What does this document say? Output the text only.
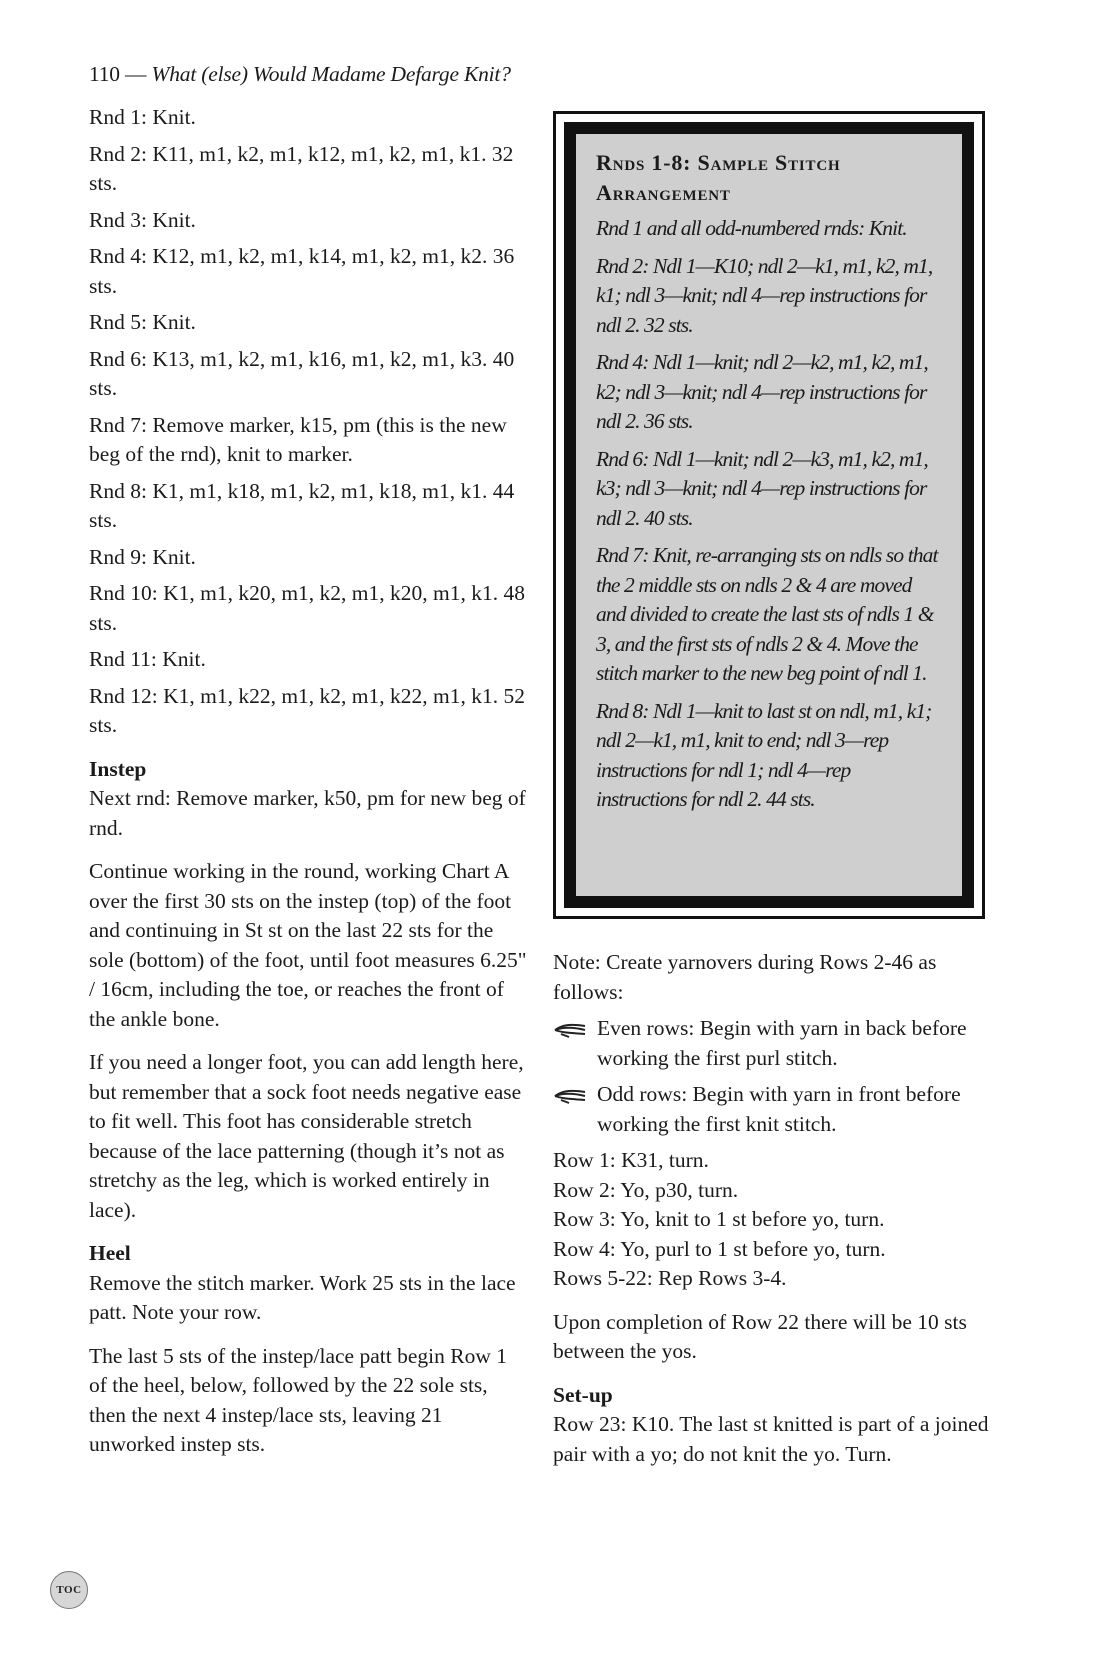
110 — What (else) Would Madame Defarge Knit?

Rnd 1: Knit.

Rnd 2: K11, m1, k2, m1, k12, m1, k2, m1, k1. 32 sts.

Rnd 3: Knit.

Rnd 4: K12, m1, k2, m1, k14, m1, k2, m1, k2. 36 sts.

Rnd 5: Knit.

Rnd 6: K13, m1, k2, m1, k16, m1, k2, m1, k3. 40 sts.

Rnd 7: Remove marker, k15, pm (this is the new beg of the rnd), knit to marker.

Rnd 8: K1, m1, k18, m1, k2, m1, k18, m1, k1. 44 sts.

Rnd 9: Knit.

Rnd 10: K1, m1, k20, m1, k2, m1, k20, m1, k1. 48 sts.

Rnd 11: Knit.

Rnd 12: K1, m1, k22, m1, k2, m1, k22, m1, k1. 52 sts.

Instep

Next rnd: Remove marker, k50, pm for new beg of rnd.

Continue working in the round, working Chart A over the first 30 sts on the instep (top) of the foot and continuing in St st on the last 22 sts for the sole (bottom) of the foot, until foot measures 6.25" / 16cm, including the toe, or reaches the front of the ankle bone.

If you need a longer foot, you can add length here, but remember that a sock foot needs negative ease to fit well. This foot has considerable stretch because of the lace patterning (though it’s not as stretchy as the leg, which is worked entirely in lace).

Heel

Remove the stitch marker. Work 25 sts in the lace patt. Note your row.

The last 5 sts of the instep/lace patt begin Row 1 of the heel, below, followed by the 22 sole sts, then the next 4 instep/lace sts, leaving 21 unworked instep sts.

Rnds 1-8: Sample Stitch Arrangement

Rnd 1 and all odd-numbered rnds: Knit.

Rnd 2: Ndl 1—K10; ndl 2—k1, m1, k2, m1, k1; ndl 3—knit; ndl 4—rep instructions for ndl 2. 32 sts.

Rnd 4: Ndl 1—knit; ndl 2—k2, m1, k2, m1, k2; ndl 3—knit; ndl 4—rep instructions for ndl 2. 36 sts.

Rnd 6: Ndl 1—knit; ndl 2—k3, m1, k2, m1, k3; ndl 3—knit; ndl 4—rep instructions for ndl 2. 40 sts.

Rnd 7: Knit, re-arranging sts on ndls so that the 2 middle sts on ndls 2 & 4 are moved and divided to create the last sts of ndls 1 & 3, and the first sts of ndls 2 & 4. Move the stitch marker to the new beg point of ndl 1.

Rnd 8: Ndl 1—knit to last st on ndl, m1, k1; ndl 2—k1, m1, knit to end; ndl 3—rep instructions for ndl 1; ndl 4—rep instructions for ndl 2. 44 sts.

Note: Create yarnovers during Rows 2-46 as follows:

Even rows: Begin with yarn in back before working the first purl stitch.
Odd rows: Begin with yarn in front before working the first knit stitch.

Row 1: K31, turn.

Row 2: Yo, p30, turn.

Row 3: Yo, knit to 1 st before yo, turn.

Row 4: Yo, purl to 1 st before yo, turn.

Rows 5-22: Rep Rows 3-4.

Upon completion of Row 22 there will be 10 sts between the yos.

Set-up

Row 23: K10. The last st knitted is part of a joined pair with a yo; do not knit the yo. Turn.

TOC
